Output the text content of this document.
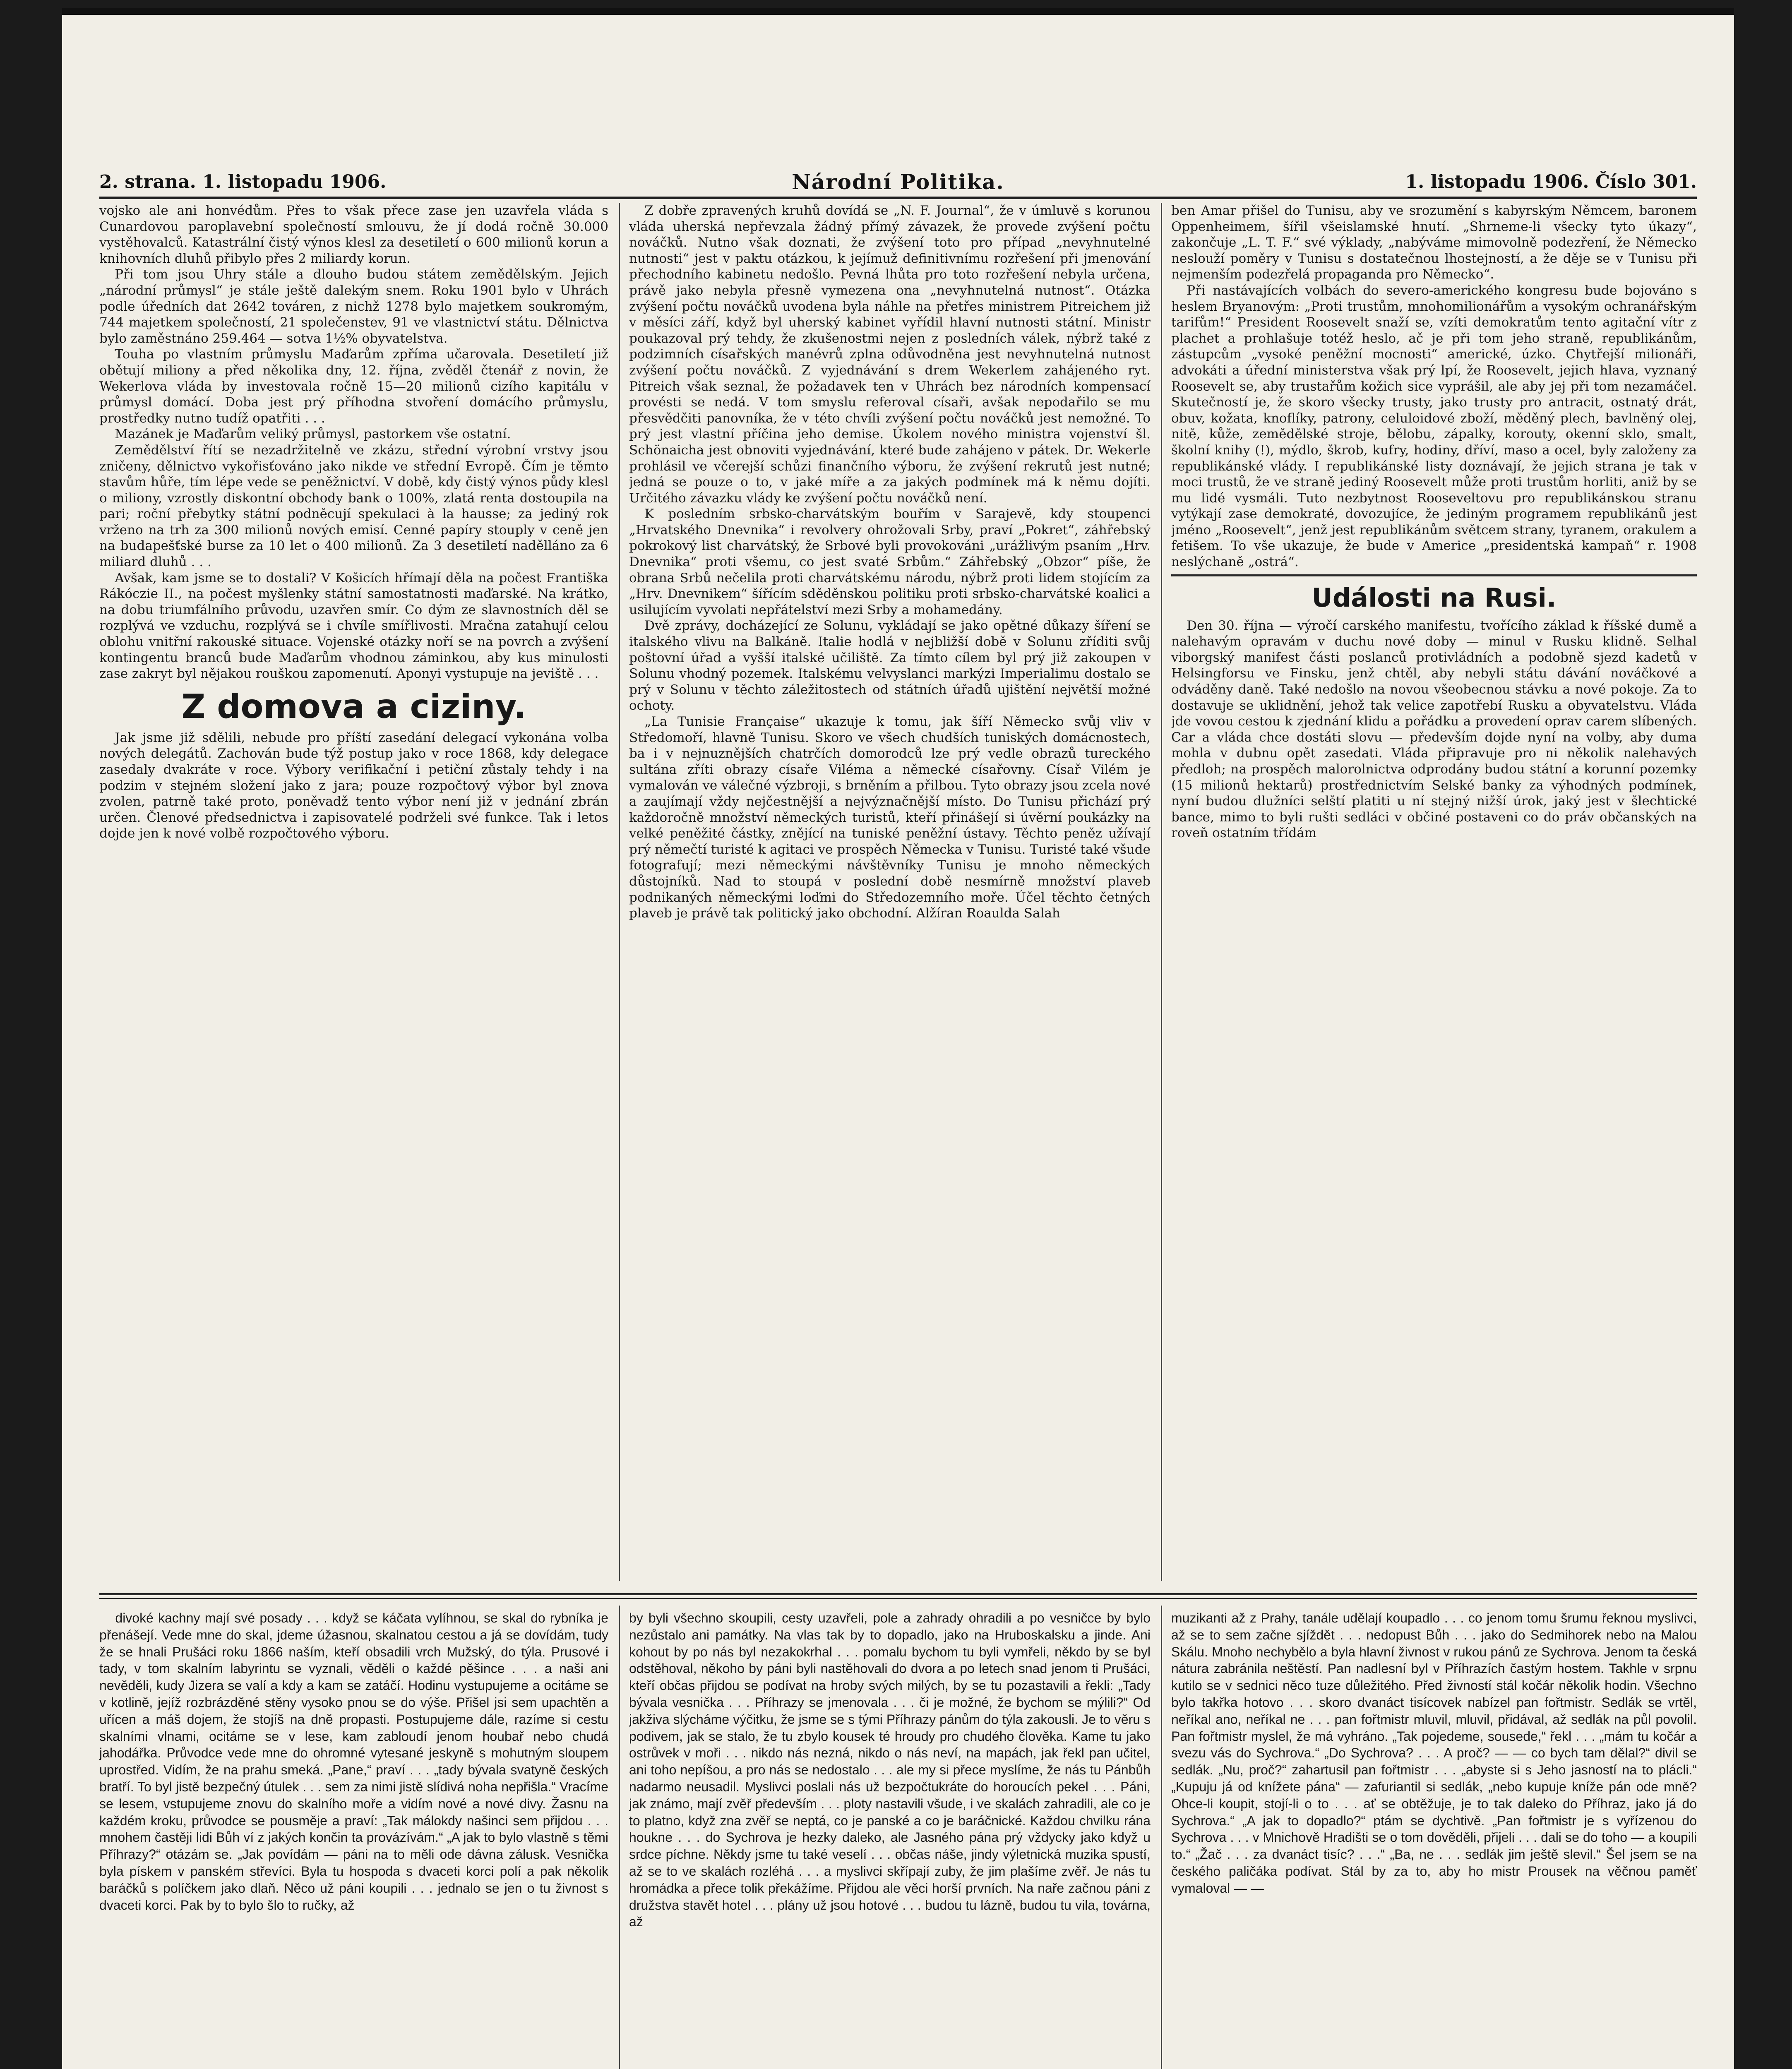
2. strana. 1. listopadu 1906.	Národní Politika.	1. listopadu 1906. Číslo 301.

vojsko ale ani honvédům. Přes to však přece zase jen uzavřela vláda s Cunardovou paroplavební společností smlouvu, že jí dodá ročně 30.000 vystěhovalců. Katastrální čistý výnos klesl za desetiletí o 600 milionů korun a knihovních dluhů přibylo přes 2 miliardy korun.

Při tom jsou Uhry stále a dlouho budou státem zemědělským. Jejich „národní průmysl“ je stále ještě dalekým snem. Roku 1901 bylo v Uhrách podle úředních dat 2642 továren, z nichž 1278 bylo majetkem soukromým, 744 majetkem společností, 21 společenstev, 91 ve vlastnictví státu. Dělnictva bylo zaměstnáno 259.464 — sotva 1½% obyvatelstva.

Touha po vlastním průmyslu Maďarům zpříma učarovala. Desetiletí již obětují miliony a před několika dny, 12. října, zvěděl čtenář z novin, že Wekerlova vláda by investovala ročně 15—20 milionů cizího kapitálu v průmysl domácí. Doba jest prý příhodna stvoření domácího průmyslu, prostředky nutno tudíž opatřiti . . .

Mazánek je Maďarům veliký průmysl, pastorkem vše ostatní.

Zemědělství řítí se nezadržitelně ve zkázu, střední výrobní vrstvy jsou zničeny, dělnictvo vykořisťováno jako nikde ve střední Evropě. Čím je těmto stavům hůře, tím lépe vede se peněžnictví. V době, kdy čistý výnos půdy klesl o miliony, vzrostly diskontní obchody bank o 100%, zlatá renta dostoupila na pari; roční přebytky státní podněcují spekulaci à la hausse; za jediný rok vrženo na trh za 300 milionů nových emisí. Cenné papíry stouply v ceně jen na budapešťské burse za 10 let o 400 milionů. Za 3 desetiletí nadělláno za 6 miliard dluhů . . .

Avšak, kam jsme se to dostali? V Košicích hřímají děla na počest Františka Rákóczie II., na počest myšlenky státní samostatnosti maďarské. Na krátko, na dobu triumfálního průvodu, uzavřen smír. Co dým ze slavnostních děl se rozplývá ve vzduchu, rozplývá se i chvíle smířlivosti. Mračna zatahují celou oblohu vnitřní rakouské situace. Vojenské otázky noří se na povrch a zvýšení kontingentu branců bude Maďarům vhodnou záminkou, aby kus minulosti zase zakryt byl nějakou rouškou zapomenutí. Aponyi vystupuje na jeviště . . .

Z domova a ciziny.

Jak jsme již sdělili, nebude pro příští zasedání delegací vykonána volba nových delegátů. Zachován bude týž postup jako v roce 1868, kdy delegace zasedaly dvakráte v roce. Výbory verifikační i petiční zůstaly tehdy i na podzim v stejném složení jako z jara; pouze rozpočtový výbor byl znova zvolen, patrně také proto, poněvadž tento výbor není již v jednání zbrán určen. Členové předsednictva i zapisovatelé podrželi své funkce. Tak i letos dojde jen k nové volbě rozpočtového výboru.

Z dobře zpravených kruhů dovídá se „N. F. Journal“, že v úmluvě s korunou vláda uherská nepřevzala žádný přímý závazek, že provede zvýšení počtu nováčků. Nutno však doznati, že zvýšení toto pro případ „nevyhnutelné nutnosti“ jest v paktu otázkou, k jejímuž definitivnímu rozřešení při jmenování přechodního kabinetu nedošlo. Pevná lhůta pro toto rozřešení nebyla určena, právě jako nebyla přesně vymezena ona „nevyhnutelná nutnost“. Otázka zvýšení počtu nováčků uvodena byla náhle na přetřes ministrem Pitreichem již v měsíci září, když byl uherský kabinet vyřídil hlavní nutnosti státní. Ministr poukazoval prý tehdy, že zkušenostmi nejen z posledních válek, nýbrž také z podzimních císařských manévrů zplna odůvodněna jest nevyhnutelná nutnost zvýšení počtu nováčků. Z vyjednávání s drem Wekerlem zahájeného ryt. Pitreich však seznal, že požadavek ten v Uhrách bez národních kompensací provésti se nedá. V tom smyslu referoval císaři, avšak nepodařilo se mu přesvědčiti panovníka, že v této chvíli zvýšení počtu nováčků jest nemožné. To prý jest vlastní příčina jeho demise. Úkolem nového ministra vojenství šl. Schönaicha jest obnoviti vyjednávání, které bude zahájeno v pátek. Dr. Wekerle prohlásil ve včerejší schůzi finančního výboru, že zvýšení rekrutů jest nutné; jedná se pouze o to, v jaké míře a za jakých podmínek má k němu dojíti. Určitého závazku vlády ke zvýšení počtu nováčků není.

K posledním srbsko-charvátským bouřím v Sarajevě, kdy stoupenci „Hrvatského Dnevnika“ i revolvery ohrožovali Srby, praví „Pokret“, záhřebský pokrokový list charvátský, že Srbové byli provokováni „urážlivým psaním „Hrv. Dnevnika“ proti všemu, co jest svaté Srbům.“ Záhřebský „Obzor“ píše, že obrana Srbů nečelila proti charvátskému národu, nýbrž proti lidem stojícím za „Hrv. Dnevnikem“ šířícím sděděnskou politiku proti srbsko-charvátské koalici a usilujícím vyvolati nepřátelství mezi Srby a mohamedány.

Dvě zprávy, docházející ze Solunu, vykládají se jako opětné důkazy šíření se italského vlivu na Balkáně. Italie hodlá v nejbližší době v Solunu zříditi svůj poštovní úřad a vyšší italské učiliště. Za tímto cílem byl prý již zakoupen v Solunu vhodný pozemek. Italskému velvyslanci markýzi Imperialimu dostalo se prý v Solunu v těchto záležitostech od státních úřadů ujištění největší možné ochoty.

„La Tunisie Française“ ukazuje k tomu, jak šíří Německo svůj vliv v Středomoří, hlavně Tunisu. Skoro ve všech chudších tuniských domácnostech, ba i v nejnuznějších chatrčích domorodců lze prý vedle obrazů tureckého sultána zříti obrazy císaře Viléma a německé císařovny. Císař Vilém je vymalován ve válečné výzbroji, s brněním a přilbou. Tyto obrazy jsou zcela nové a zaujímají vždy nejčestnější a nejvýznačnější místo. Do Tunisu přichází prý každoročně množství německých turistů, kteří přinášejí si úvěrní poukázky na velké peněžité částky, znějící na tuniské peněžní ústavy. Těchto peněz užívají prý němečtí turisté k agitaci ve prospěch Německa v Tunisu. Turisté také všude fotografují; mezi německými návštěvníky Tunisu je mnoho německých důstojníků. Nad to stoupá v poslední době nesmírně množství plaveb podnikaných německými loďmi do Středozemního moře. Účel těchto četných plaveb je právě tak politický jako obchodní. Alžíran Roaulda Salah

ben Amar přišel do Tunisu, aby ve srozumění s kabyrským Němcem, baronem Oppenheimem, šířil všeislamské hnutí. „Shrneme-li všecky tyto úkazy“, zakončuje „L. T. F.“ své výklady, „nabýváme mimovolně podezření, že Německo neslouží poměry v Tunisu s dostatečnou lhostejností, a že děje se v Tunisu při nejmenším podezřelá propaganda pro Německo“.

Při nastávajících volbách do severo-amerického kongresu bude bojováno s heslem Bryanovým: „Proti trustům, mnohomilionářům a vysokým ochranářským tarifům!“ President Roosevelt snaží se, vzíti demokratům tento agitační vítr z plachet a prohlašuje totéž heslo, ač je při tom jeho straně, republikánům, zástupcům „vysoké peněžní mocnosti“ americké, úzko. Chytřejší milionáři, advokáti a úřední ministerstva však prý lpí, že Roosevelt, jejich hlava, vyznaný Roosevelt se, aby trustařům kožich sice vyprášil, ale aby jej při tom nezamáčel. Skutečností je, že skoro všecky trusty, jako trusty pro antracit, ostnatý drát, obuv, kožata, knoflíky, patrony, celuloidové zboží, měděný plech, bavlněný olej, nitě, kůže, zemědělské stroje, bělobu, zápalky, korouty, okenní sklo, smalt, školní knihy (!), mýdlo, škrob, kufry, hodiny, dříví, maso a ocel, byly založeny za republikánské vlády. I republikánské listy doznávají, že jejich strana je tak v moci trustů, že ve straně jediný Roosevelt může proti trustům horliti, aniž by se mu lidé vysmáli. Tuto nezbytnost Rooseveltovu pro republikánskou stranu vytýkají zase demokraté, dovozujíce, že jediným programem republikánů jest jméno „Roosevelt“, jenž jest republikánům světcem strany, tyranem, orakulem a fetišem. To vše ukazuje, že bude v Americe „presidentská kampaň“ r. 1908 neslýchaně „ostrá“.

Události na Rusi.

Den 30. října — výročí carského manifestu, tvořícího základ k říšské dumě a nalehavým opravám v duchu nové doby — minul v Rusku klidně. Selhal viborgský manifest části poslanců protivládních a podobně sjezd kadetů v Helsingforsu ve Finsku, jenž chtěl, aby nebyli státu dávání nováčkové a odváděny daně. Také nedošlo na novou všeobecnou stávku a nové pokoje. Za to dostavuje se uklidnění, jehož tak velice zapotřebí Rusku a obyvatelstvu. Vláda jde vovou cestou k zjednání klidu a pořádku a provedení oprav carem slíbených. Car a vláda chce dostáti slovu — především dojde nyní na volby, aby duma mohla v dubnu opět zasedati. Vláda připravuje pro ni několik nalehavých předloh; na prospěch malorolnictva odprodány budou státní a korunní pozemky (15 milionů hektarů) prostřednictvím Selské banky za výhodných podmínek, nyní budou dlužníci selští platiti u ní stejný nižší úrok, jaký jest v šlechtické bance, mimo to byli rušti sedláci v občiné postaveni co do práv občanských na roveň ostatním třídám

divoké kachny mají své posady . . . když se káčata vylíhnou, se skal do rybníka je přenášejí. Vede mne do skal, jdeme úžasnou, skalnatou cestou a já se dovídám, tudy že se hnali Prušáci roku 1866 naším, kteří obsadili vrch Mužský, do týla. Prusové i tady, v tom skalním labyrintu se vyznali, věděli o každé pěšince . . . a naši ani nevěděli, kudy Jizera se valí a kdy a kam se zatáčí. Hodinu vystupujeme a ocitáme se v kotlině, jejíž rozbrázděné stěny vysoko pnou se do výše. Přišel jsi sem upachtěn a uřícen a máš dojem, že stojíš na dně propasti. Postupujeme dále, razíme si cestu skalními vlnami, ocitáme se v lese, kam zabloudí jenom houbař nebo chudá jahodářka. Průvodce vede mne do ohromné vytesané jeskyně s mohutným sloupem uprostřed. Vidím, že na prahu smeká. „Pane,“ praví . . . „tady bývala svatyně českých bratří. To byl jistě bezpečný útulek . . . sem za nimi jistě slídivá noha nepřišla.“ Vracíme se lesem, vstupujeme znovu do skalního moře a vidím nové a nové divy. Žasnu na každém kroku, průvodce se pousměje a praví: „Tak málokdy našinci sem přijdou . . . mnohem častěji lidi Bůh ví z jakých končin ta provázívám.“ „A jak to bylo vlastně s těmi Příhrazy?“ otázám se. „Jak povídám — páni na to měli ode dávna zálusk. Vesnička byla pískem v panském střevíci. Byla tu hospoda s dvaceti korci polí a pak několik baráčků s políčkem jako dlaň. Něco už páni koupili . . . jednalo se jen o tu živnost s dvaceti korci. Pak by to bylo šlo to ručky, až

by byli všechno skoupili, cesty uzavřeli, pole a zahrady ohradili a po vesničce by bylo nezůstalo ani památky. Na vlas tak by to dopadlo, jako na Hruboskalsku a jinde. Ani kohout by po nás byl nezakokrhal . . . pomalu bychom tu byli vymřeli, někdo by se byl odstěhoval, někoho by páni byli nastěhovali do dvora a po letech snad jenom ti Prušáci, kteří občas přijdou se podívat na hroby svých milých, by se tu pozastavili a řekli: „Tady bývala vesnička . . . Příhrazy se jmenovala . . . či je možné, že bychom se mýlili?“ Od jakživa slýcháme výčitku, že jsme se s tými Příhrazy pánům do týla zakousli. Je to věru s podivem, jak se stalo, že tu zbylo kousek té hroudy pro chudého člověka. Kame tu jako ostrůvek v moři . . . nikdo nás nezná, nikdo o nás neví, na mapách, jak řekl pan učitel, ani toho nepíšou, a pro nás se nedostalo . . . ale my si přece myslíme, že nás tu Pánbůh nadarmo neusadil. Myslivci poslali nás už bezpočtukráte do horoucích pekel . . . Páni, jak známo, mají zvěř především . . . ploty nastavili všude, i ve skalách zahradili, ale co je to platno, když zna zvěř se neptá, co je panské a co je baráčnické. Každou chvilku rána houkne . . . do Sychrova je hezky daleko, ale Jasného pána prý vždycky jako když u srdce píchne. Někdy jsme tu také veselí . . . občas náše, jindy výletnická muzika spustí, až se to ve skalách rozléhá . . . a myslivci skřípají zuby, že jim plašíme zvěř. Je nás tu hromádka a přece tolik překážíme. Přijdou ale věci horší prvních. Na naře začnou páni z družstva stavět hotel . . . plány už jsou hotové . . . budou tu lázně, budou tu vila, továrna, až

muzikanti až z Prahy, tanále udělají koupadlo . . . co jenom tomu šrumu řeknou myslivci, až se to sem začne sjíždět . . . nedopust Bůh . . . jako do Sedmihorek nebo na Malou Skálu. Mnoho nechybělo a byla hlavní živnost v rukou pánů ze Sychrova. Jenom ta česká nátura zabránila neštěstí. Pan nadlesní byl v Příhrazích častým hostem. Takhle v srpnu kutilo se v sednici něco tuze důležitého. Před živností stál kočár několik hodin. Všechno bylo takřka hotovo . . . skoro dvanáct tisícovek nabízel pan fořtmistr. Sedlák se vrtěl, neříkal ano, neříkal ne . . . pan fořtmistr mluvil, mluvil, přidával, až sedlák na půl povolil. Pan fořtmistr myslel, že má vyhráno. „Tak pojedeme, sousede,“ řekl . . . „mám tu kočár a svezu vás do Sychrova.“ „Do Sychrova? . . . A proč? — — co bych tam dělal?“ divil se sedlák. „Nu, proč?“ zahartusil pan fořtmistr . . . „abyste si s Jeho jasností na to plácli.“ „Kupuju já od knížete pána“ — zafuriantil si sedlák, „nebo kupuje kníže pán ode mně? Ohce-li koupit, stojí-li o to . . . ať se obtěžuje, je to tak daleko do Příhraz, jako já do Sychrova.“ „A jak to dopadlo?“ ptám se dychtivě. „Pan fořtmistr je s vyřízenou do Sychrova . . . v Mnichově Hradišti se o tom dověděli, přijeli . . . dali se do toho — a koupili to.“ „Žač . . . za dvanáct tisíc? . . .“ „Ba, ne . . . sedlák jim ještě slevil.“ Šel jsem se na českého paličáka podívat. Stál by za to, aby ho mistr Prousek na věčnou paměť vymaloval — —
